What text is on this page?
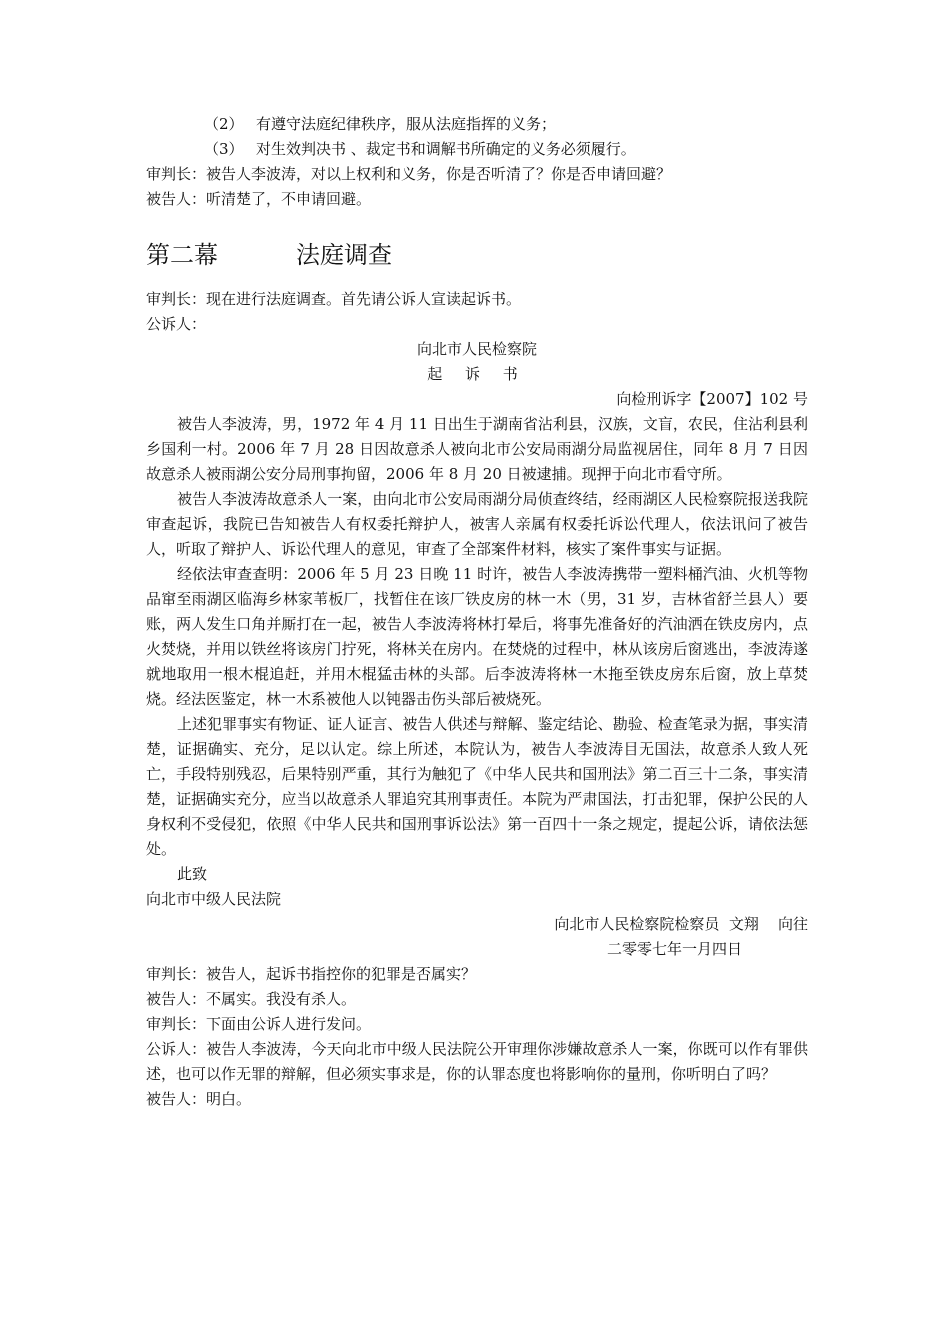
（2） 有遵守法庭纪律秩序，服从法庭指挥的义务；
（3） 对生效判决书 、裁定书和调解书所确定的义务必须履行。
审判长：被告人李波涛，对以上权利和义务，你是否听清了？你是否申请回避？
被告人：听清楚了，不申请回避。
第二幕	法庭调查
审判长：现在进行法庭调查。首先请公诉人宣读起诉书。
公诉人：
向北市人民检察院
起 诉 书
向检刑诉字【2007】102 号
被告人李波涛，男，1972 年 4 月 11 日出生于湖南省沾利县，汉族，文盲，农民，住沾利县利乡国利一村。2006 年 7 月 28 日因故意杀人被向北市公安局雨湖分局监视居住，同年 8 月 7 日因故意杀人被雨湖公安分局刑事拘留，2006 年 8 月 20 日被逮捕。现押于向北市看守所。
被告人李波涛故意杀人一案，由向北市公安局雨湖分局侦查终结，经雨湖区人民检察院报送我院审查起诉，我院已告知被告人有权委托辩护人，被害人亲属有权委托诉讼代理人，依法讯问了被告人，听取了辩护人、诉讼代理人的意见，审查了全部案件材料，核实了案件事实与证据。
经依法审查查明：2006 年 5 月 23 日晚 11 时许，被告人李波涛携带一塑料桶汽油、火机等物品窜至雨湖区临海乡林家苇板厂，找暂住在该厂铁皮房的林一木（男，31 岁，吉林省舒兰县人）要账，两人发生口角并厮打在一起，被告人李波涛将林打晕后，将事先准备好的汽油洒在铁皮房内，点火焚烧，并用以铁丝将该房门拧死，将林关在房内。在焚烧的过程中，林从该房后窗逃出，李波涛遂就地取用一根木棍追赶，并用木棍猛击林的头部。后李波涛将林一木拖至铁皮房东后窗，放上草焚烧。经法医鉴定，林一木系被他人以钝器击伤头部后被烧死。
上述犯罪事实有物证、证人证言、被告人供述与辩解、鉴定结论、勘验、检查笔录为据，事实清楚，证据确实、充分，足以认定。综上所述，本院认为，被告人李波涛目无国法，故意杀人致人死亡，手段特别残忍，后果特别严重，其行为触犯了《中华人民共和国刑法》第二百三十二条，事实清楚，证据确实充分，应当以故意杀人罪追究其刑事责任。本院为严肃国法，打击犯罪，保护公民的人身权利不受侵犯，依照《中华人民共和国刑事诉讼法》第一百四十一条之规定，提起公诉，请依法惩处。
此致
向北市中级人民法院
向北市人民检察院检察员  文翔    向往
二零零七年一月四日
审判长：被告人，起诉书指控你的犯罪是否属实？
被告人：不属实。我没有杀人。
审判长：下面由公诉人进行发问。
公诉人：被告人李波涛，今天向北市中级人民法院公开审理你涉嫌故意杀人一案，你既可以作有罪供述，也可以作无罪的辩解，但必须实事求是，你的认罪态度也将影响你的量刑，你听明白了吗？
被告人：明白。
